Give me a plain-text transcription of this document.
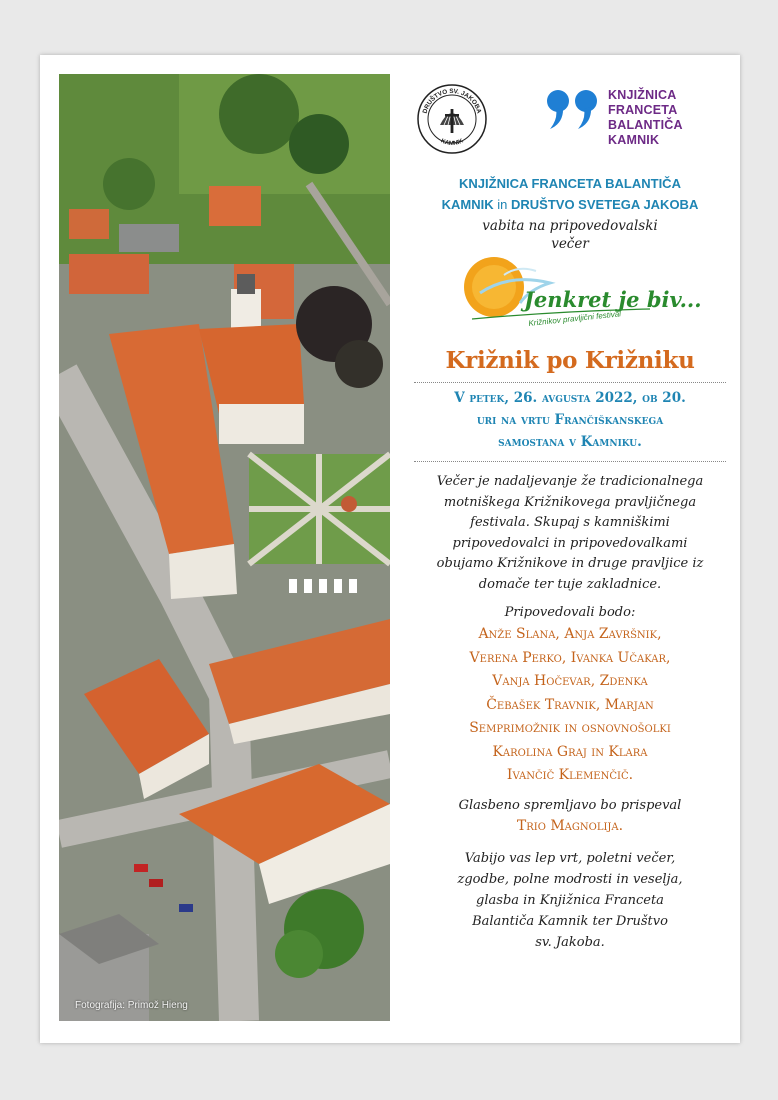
Fotografija: Primož Hieng
DRUŠTVO SV. JAKOBA
KAMNIK
KNJIŽNICA
FRANCETA
BALANTIČA
KAMNIK
KNJIŽNICA FRANCETA BALANTIČA
KAMNIK in DRUŠTVO SVETEGA JAKOBA
vabita na pripovedovalski
večer
Jenkret je biv...
Križnikov pravljični festival
Križnik po Križniku
V petek, 26. avgusta 2022, ob 20.
uri na vrtu Frančiškanskega
samostana v Kamniku.
Večer je nadaljevanje že tradicionalnega
motniškega Križnikovega pravljičnega
festivala. Skupaj s kamniškimi
pripovedovalci in pripovedovalkami
obujamo Križnikove in druge pravljice iz
domače ter tuje zakladnice.
Pripovedovali bodo:
Anže Slana, Anja Završnik,
Verena Perko, Ivanka Učakar,
Vanja Hočevar, Zdenka
Čebašek Travnik, Marjan
Semprimožnik in osnovnošolki
Karolina Graj in Klara
Ivančič Klemenčič.
Glasbeno spremljavo bo prispeval
Trio Magnolija.
Vabijo vas lep vrt, poletni večer,
zgodbe, polne modrosti in veselja,
glasba in Knjižnica Franceta
Balantiča Kamnik ter Društvo
sv. Jakoba.
